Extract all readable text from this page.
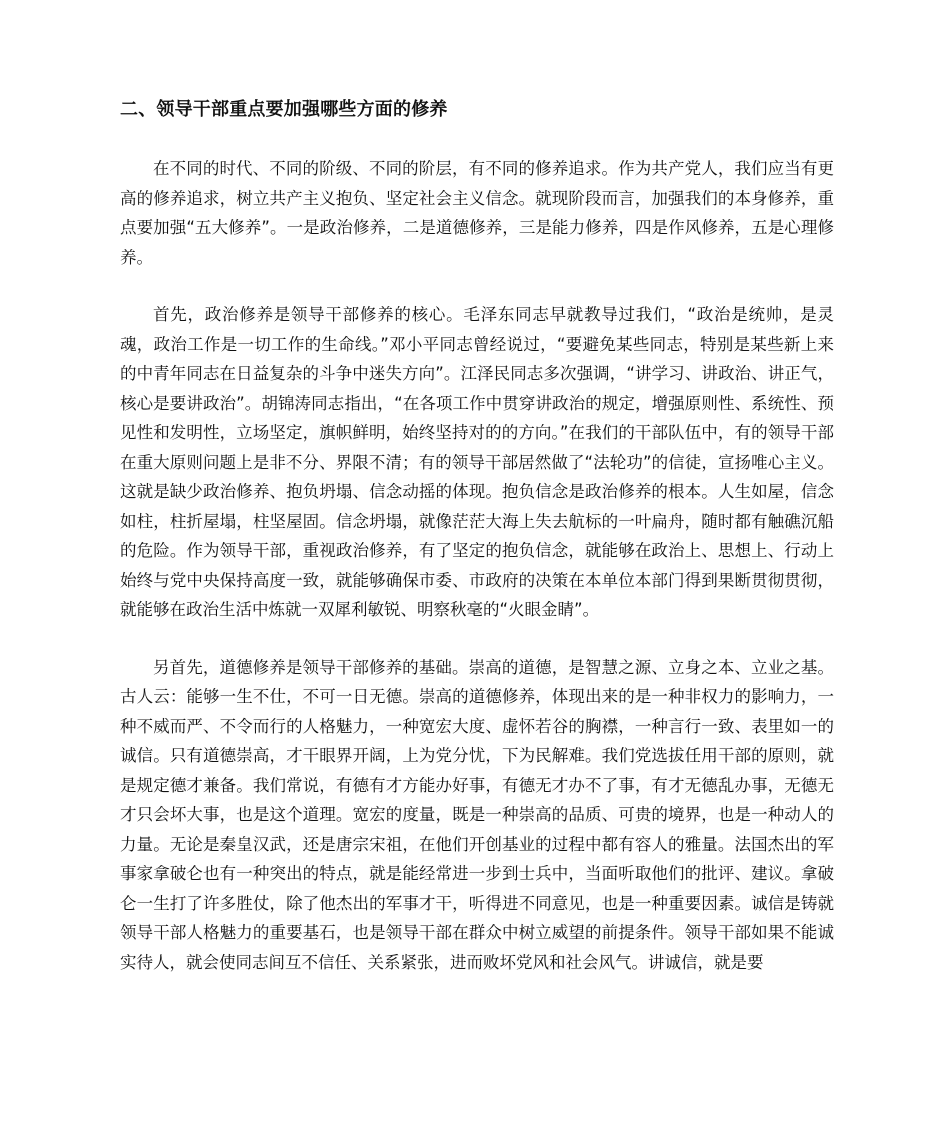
二、领导干部重点要加强哪些方面的修养

在不同的时代、不同的阶级、不同的阶层，有不同的修养追求。作为共产党人，我们应当有更高的修养追求，树立共产主义抱负、坚定社会主义信念。就现阶段而言，加强我们的本身修养，重点要加强“五大修养”。一是政治修养，二是道德修养，三是能力修养，四是作风修养，五是心理修养。

首先，政治修养是领导干部修养的核心。毛泽东同志早就教导过我们，“政治是统帅，是灵魂，政治工作是一切工作的生命线。”邓小平同志曾经说过，“要避免某些同志，特别是某些新上来的中青年同志在日益复杂的斗争中迷失方向”。江泽民同志多次强调，“讲学习、讲政治、讲正气，核心是要讲政治”。胡锦涛同志指出，“在各项工作中贯穿讲政治的规定，增强原则性、系统性、预见性和发明性，立场坚定，旗帜鲜明，始终坚持对的的方向。”在我们的干部队伍中，有的领导干部在重大原则问题上是非不分、界限不清；有的领导干部居然做了“法轮功”的信徒，宣扬唯心主义。这就是缺少政治修养、抱负坍塌、信念动摇的体现。抱负信念是政治修养的根本。人生如屋，信念如柱，柱折屋塌，柱坚屋固。信念坍塌，就像茫茫大海上失去航标的一叶扁舟，随时都有触礁沉船的危险。作为领导干部，重视政治修养，有了坚定的抱负信念，就能够在政治上、思想上、行动上始终与党中央保持高度一致，就能够确保市委、市政府的决策在本单位本部门得到果断贯彻贯彻，就能够在政治生活中炼就一双犀利敏锐、明察秋毫的“火眼金睛”。

另首先，道德修养是领导干部修养的基础。崇高的道德，是智慧之源、立身之本、立业之基。古人云：能够一生不仕，不可一日无德。崇高的道德修养，体现出来的是一种非权力的影响力，一种不威而严、不令而行的人格魅力，一种宽宏大度、虚怀若谷的胸襟，一种言行一致、表里如一的诚信。只有道德崇高，才干眼界开阔，上为党分忧，下为民解难。我们党选拔任用干部的原则，就是规定德才兼备。我们常说，有德有才方能办好事，有德无才办不了事，有才无德乱办事，无德无才只会坏大事，也是这个道理。宽宏的度量，既是一种崇高的品质、可贵的境界，也是一种动人的力量。无论是秦皇汉武，还是唐宗宋祖，在他们开创基业的过程中都有容人的雅量。法国杰出的军事家拿破仑也有一种突出的特点，就是能经常进一步到士兵中，当面听取他们的批评、建议。拿破仑一生打了许多胜仗，除了他杰出的军事才干，听得进不同意见，也是一种重要因素。诚信是铸就领导干部人格魅力的重要基石，也是领导干部在群众中树立威望的前提条件。领导干部如果不能诚实待人，就会使同志间互不信任、关系紧张，进而败坏党风和社会风气。讲诚信，就是要
